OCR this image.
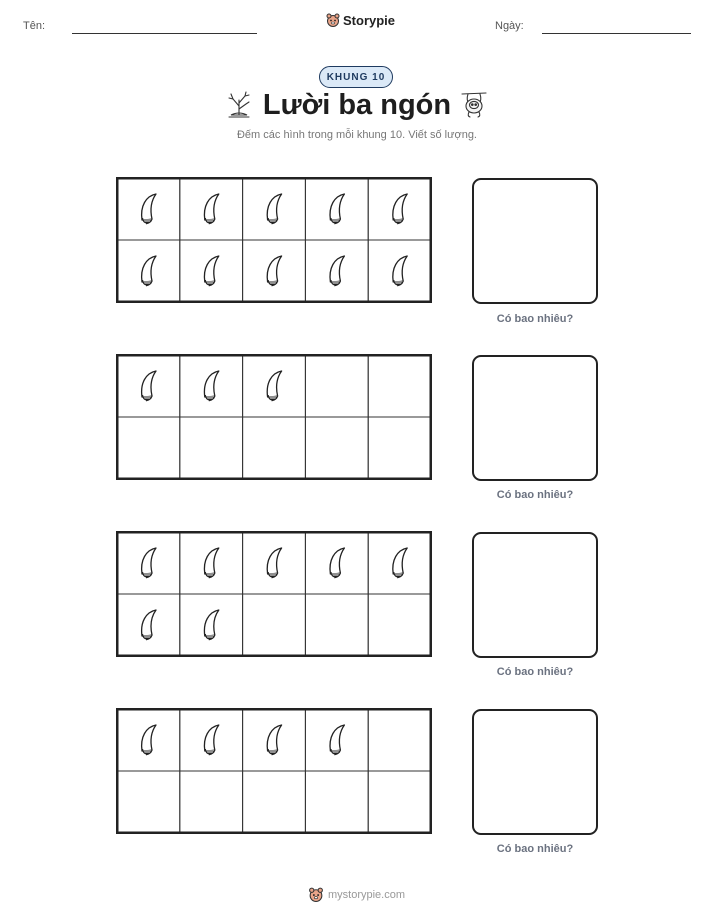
Tên:	Storypie	Ngày:
KHUNG 10
Lười ba ngón
Đếm các hình trong mỗi khung 10. Viết số lượng.
Có bao nhiêu?
Có bao nhiêu?
Có bao nhiêu?
Có bao nhiêu?
mystorypie.com
